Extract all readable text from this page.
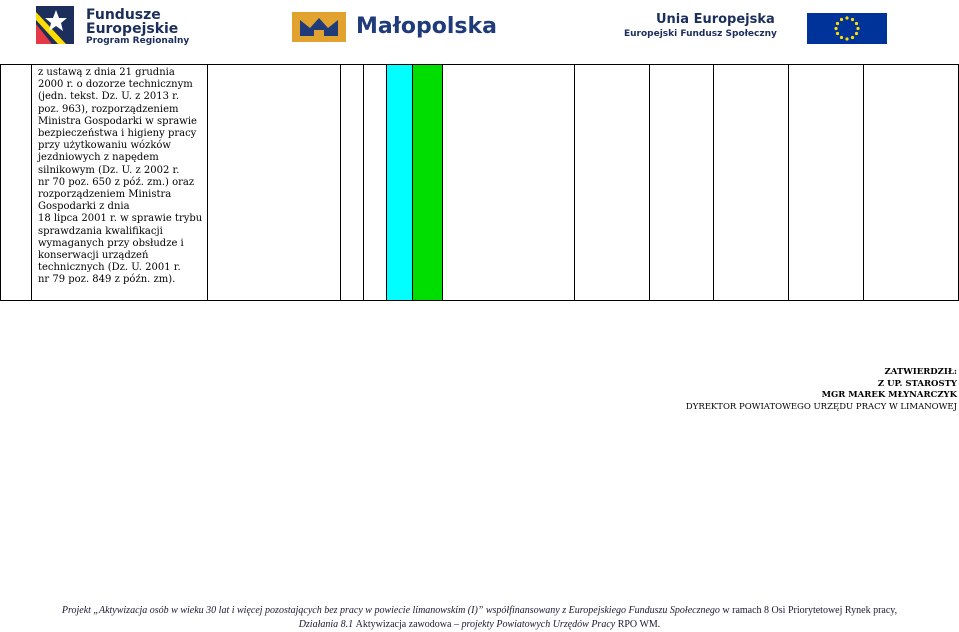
Fundusze
Europejskie
Program Regionalny
Małopolska	Unia Europejska
Europejski Fundusz Społeczny

z ustawą z dnia 21 grudnia
2000 r. o dozorze technicznym
(jedn. tekst. Dz. U. z 2013 r.
poz. 963), rozporządzeniem
Ministra Gospodarki w sprawie
bezpieczeństwa i higieny pracy
przy użytkowaniu wózków
jezdniowych z napędem
silnikowym (Dz. U. z 2002 r.
nr 70 poz. 650 z póź. zm.) oraz
rozporządzeniem Ministra
Gospodarki z dnia
18 lipca 2001 r. w sprawie trybu
sprawdzania kwalifikacji
wymaganych przy obsłudze i
konserwacji urządzeń
technicznych (Dz. U. 2001 r.
nr 79 poz. 849 z późn. zm).

ZATWIERDZIŁ:
Z UP. STAROSTY
MGR MAREK MŁYNARCZYK
DYREKTOR POWIATOWEGO URZĘDU PRACY W LIMANOWEJ
Projekt „Aktywizacja osób w wieku 30 lat i więcej pozostających bez pracy w powiecie limanowskim (I)” współfinansowany z Europejskiego Funduszu Społecznego w ramach 8 Osi Priorytetowej Rynek pracy,
Działania 8.1 Aktywizacja zawodowa – projekty Powiatowych Urzędów Pracy RPO WM.
